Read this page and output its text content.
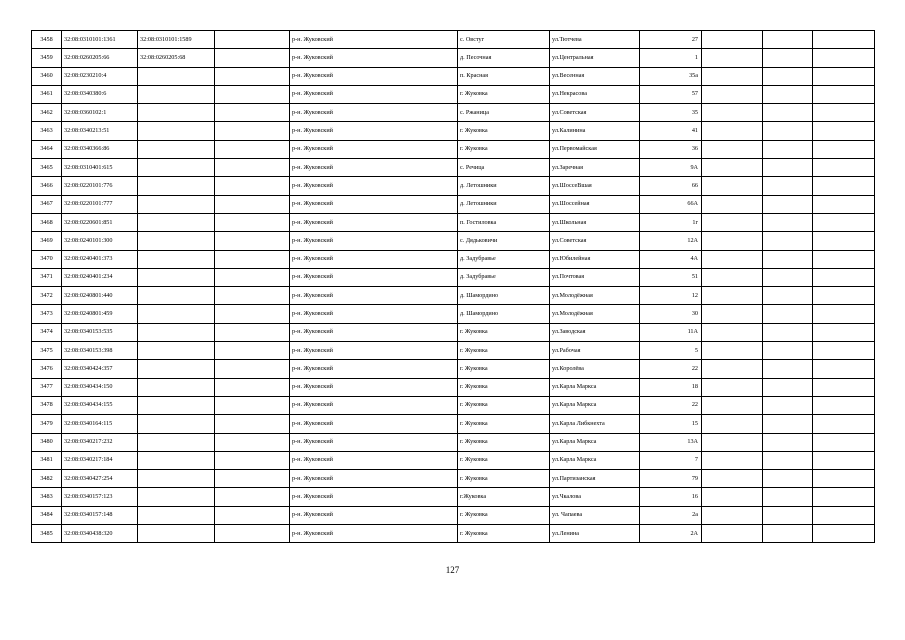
3458	32:08:0310101:1361	32:08:0310101:1589		р-н. Жуковский	с. Овстуг	ул.Тютчева	27			
3459	32:08:0260205:66	32:08:0260205:68		р-н. Жуковский	д. Песочная	ул.Центральная	1			
3460	32:08:0230210:4			р-н. Жуковский	п. Красная	ул.Весенная	35а			
3461	32:08:0340380:6			р-н. Жуковский	г. Жуковка	ул.Некрасова	57			
3462	32:08:0360102:1			р-н. Жуковский	с. Ржаница	ул.Советская	35			
3463	32:08:0340213:51			р-н. Жуковский	г. Жуковка	ул.Калинина	41			
3464	32:08:0340366:86			р-н. Жуковский	г. Жуковка	ул.Первомайская	36			
3465	32:08:0310401:615			р-н. Жуковский	с. Речица	ул.Заречная	9А			
3466	32:08:0220101:776			р-н. Жуковский	д. Летошники	ул.ШоссеВшая	66			
3467	32:08:0220101:777			р-н. Жуковский	д. Летошники	ул.Шоссейная	66А			
3468	32:08:0220601:851			р-н. Жуковский	п. Гостиловка	ул.Школьная	1г			
3469	32:08:0240101:300			р-н. Жуковский	с. Дядьковичи	ул.Советская	12А			
3470	32:08:0240401:373			р-н. Жуковский	д. Задубравье	ул.Юбилейная	4А			
3471	32:08:0240401:234			р-н. Жуковский	д. Задубравье	ул.Почтовая	51			
3472	32:08:0240801:440			р-н. Жуковский	д. Шамордино	ул.Молодёжная	12			
3473	32:08:0240801:459			р-н. Жуковский	д. Шамордино	ул.Молодёжная	30			
3474	32:08:0340153:535			р-н. Жуковский	г. Жуковка	ул.Заводская	11А			
3475	32:08:0340153:398			р-н. Жуковский	г. Жуковка	ул.Рабочая	5			
3476	32:08:0340424:357			р-н. Жуковский	г. Жуковка	ул.Королёва	22			
3477	32:08:0340434:150			р-н. Жуковский	г. Жуковка	ул.Карла Маркса	18			
3478	32:08:0340434:155			р-н. Жуковский	г. Жуковка	ул.Карла Маркса	22			
3479	32:08:0340164:115			р-н. Жуковский	г. Жуковка	ул.Карла Либкнехта	15			
3480	32:08:0340217:232			р-н. Жуковский	г. Жуковка	ул.Карла Маркса	13А			
3481	32:08:0340217:184			р-н. Жуковский	г. Жуковка	ул.Карла Маркса	7			
3482	32:08:0340427:254			р-н. Жуковский	г. Жуковка	ул.Партизанская	79			
3483	32:08:0340157:123			р-н. Жуковский	г.Жуковка	ул.Чкалова	16			
3484	32:08:0340157:148			р-н. Жуковский	г. Жуковка	ул. Чапаева	2а			
3485	32:08:0340438:320			р-н. Жуковский	г. Жуковка	ул.Ленина	2А			
127
